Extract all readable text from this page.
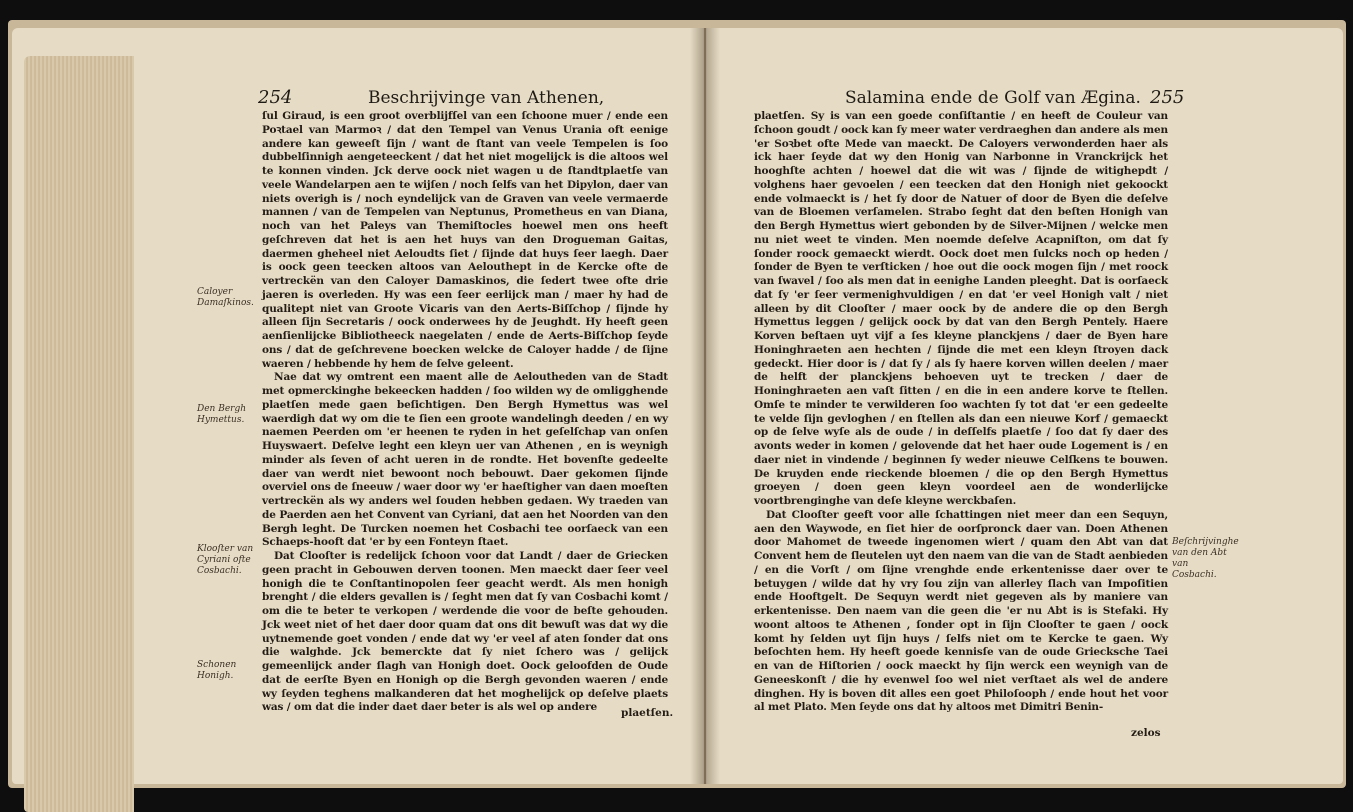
254	Beschrijvinge van Athenen,
Caloyer Damaſkinos.
Den Bergh Hymettus.
Klooſter van Cyriani ofte Cosbachi.
Schonen Honigh.

ſul Giraud, is een groot overblijfſel van een ſchoone muer / ende een Poꝛtael van Marmoꝛ / dat den Tempel van Venus Urania oft eenige andere kan geweeſt ſijn / want de ſtant van veele Tempelen is ſoo dubbelſinnigh aengeteeckent / dat het niet mogelijck is die altoos wel te konnen vinden. Jck derve oock niet wagen u de ſtandtplaetſe van veele Wandelarpen aen te wijſen / noch ſelfs van het Dipylon, daer van niets overigh is / noch eyndelijck van de Graven van veele vermaerde mannen / van de Tempelen van Neptunus, Prometheus en van Diana, noch van het Paleys van Themiſtocles hoewel men ons heeft geſchreven dat het is aen het huys van den Drogueman Gaitas, daermen gheheel niet Aeloudts ſiet / ſijnde dat huys ſeer laegh. Daer is oock geen teecken altoos van Aelouthept in de Kercke ofte de vertreckën van den Caloyer Damaskinos, die ſedert twee ofte drie jaeren is overleden. Hy was een ſeer eerlijck man / maer hy had de qualitept niet van Groote Vicaris van den Aerts-Biſſchop / ſijnde hy alleen ſijn Secretaris / oock onderwees hy de Jeughdt. Hy heeft geen aenſienlijcke Bibliotheeck naegelaten / ende de Aerts-Biſſchop ſeyde ons / dat de geſchrevene boecken welcke de Caloyer hadde / de ſijne waeren / hebbende hy hem de ſelve geleent.

Nae dat wy omtrent een maent alle de Aeloutheden van de Stadt met opmerckinghe bekeecken hadden / ſoo wilden wy de omligghende plaetſen mede gaen beſichtigen. Den Bergh Hymettus was wel waerdigh dat wy om die te ſien een groote wandelingh deeden / en wy naemen Peerden om 'er heenen te ryden in het geſelſchap van onſen Huyswaert. Deſelve leght een kleyn uer van Athenen , en is weynigh minder als ſeven of acht ueren in de rondte. Het bovenſte gedeelte daer van werdt niet bewoont noch bebouwt. Daer gekomen ſijnde overviel ons de ſneeuw / waer door wy 'er haeſtigher van daen moeſten vertreckën als wy anders wel ſouden hebben gedaen. Wy traeden van de Paerden aen het Convent van Cyriani, dat aen het Noorden van den Bergh leght. De Turcken noemen het Cosbachi tee oorſaeck van een Schaeps-hooft dat 'er by een Fonteyn ſtaet.

Dat Clooſter is redelijck ſchoon voor dat Landt / daer de Griecken geen pracht in Gebouwen derven toonen. Men maeckt daer ſeer veel honigh die te Conſtantinopolen ſeer geacht werdt. Als men honigh brenght / die elders gevallen is / ſeght men dat ſy van Cosbachi komt / om die te beter te verkopen / werdende die voor de beſte gehouden. Jck weet niet of het daer door quam dat ons dit bewuſt was dat wy die uytnemende goet vonden / ende dat wy 'er veel af aten ſonder dat ons die walghde. Jck bemerckte dat ſy niet ſchero was / gelijck gemeenlijck ander ſlagh van Honigh doet. Oock geloofden de Oude dat de eerſte Byen en Honigh op die Bergh gevonden waeren / ende wy ſeyden teghens malkanderen dat het moghelijck op deſelve plaets was / om dat die inder daet daer beter is als wel op andere	plaetſen.
Salamina ende de Golf van Ægina. 255
Beſchrijvinghe van den Abt van Cosbachi.

plaetſen. Sy is van een goede conſiſtantie / en heeft de Couleur van ſchoon goudt / oock kan ſy meer water verdraeghen dan andere als men 'er Soꝛbet ofte Mede van maeckt. De Caloyers verwonderden haer als ick haer ſeyde dat wy den Honig van Narbonne in Vranckrijck het hooghſte achten / hoewel dat die wit was / ſijnde de witighepdt / volghens haer gevoelen / een teecken dat den Honigh niet gekoockt ende volmaeckt is / het ſy door de Natuer of door de Byen die deſelve van de Bloemen verſamelen. Strabo ſeght dat den beſten Honigh van den Bergh Hymettus wiert gebonden by de Silver-Mijnen / welcke men nu niet weet te vinden. Men noemde deſelve Acapniſton, om dat ſy ſonder roock gemaeckt wierdt. Oock doet men ſulcks noch op heden / ſonder de Byen te verſticken / hoe out die oock mogen ſijn / met roock van ſwavel / ſoo als men dat in eenighe Landen pleeght. Dat is oorſaeck dat ſy 'er ſeer vermenighvuldigen / en dat 'er veel Honigh valt / niet alleen by dit Clooſter / maer oock by de andere die op den Bergh Hymettus leggen / gelijck oock by dat van den Bergh Pentely. Haere Korven beſtaen uyt vijf a ſes kleyne planckjens / daer de Byen hare Honinghraeten aen hechten / ſijnde die met een kleyn ſtroyen dack gedeckt. Hier door is / dat ſy / als ſy haere korven willen deelen / maer de helft der planckjens behoeven uyt te trecken / daer de Honinghraeten aen vaſt ſitten / en die in een andere korve te ſtellen. Omſe te minder te verwilderen ſoo wachten ſy tot dat 'er een gedeelte te velde ſijn gevloghen / en ſtellen als dan een nieuwe Korf / gemaeckt op de ſelve wyſe als de oude / in deſſelfs plaetſe / ſoo dat ſy daer des avonts weder in komen / gelovende dat het haer oude Logement is / en daer niet in vindende / beginnen ſy weder nieuwe Celſkens te bouwen. De kruyden ende rieckende bloemen / die op den Bergh Hymettus groeyen / doen geen kleyn voordeel aen de wonderlijcke voortbrenginghe van deſe kleyne werckbaſen.

Dat Clooſter geeft voor alle ſchattingen niet meer dan een Sequyn, aen den Waywode, en ſiet hier de oorſpronck daer van. Doen Athenen door Mahomet de tweede ingenomen wiert / quam den Abt van dat Convent hem de ſleutelen uyt den naem van die van de Stadt aenbieden / en die Vorſt / om ſijne vrenghde ende erkentenisse daer over te betuygen / wilde dat hy vry ſou zijn van allerley ſlach van Impoſitien ende Hooftgelt. De Sequyn werdt niet gegeven als by maniere van erkentenisse. Den naem van die geen die 'er nu Abt is is Stefaki. Hy woont altoos te Athenen , ſonder opt in ſijn Clooſter te gaen / oock komt hy ſelden uyt ſijn huys / ſelfs niet om te Kercke te gaen. Wy beſochten hem. Hy heeft goede kennisſe van de oude Griecksche Taei en van de Hiſtorien / oock maeckt hy ſijn werck een weynigh van de Geneeskonſt / die hy evenwel ſoo wel niet verſtaet als wel de andere dinghen. Hy is boven dit alles een goet Philoſooph / ende hout het voor al met Plato. Men ſeyde ons dat hy altoos met Dimitri Benin-

zelos
